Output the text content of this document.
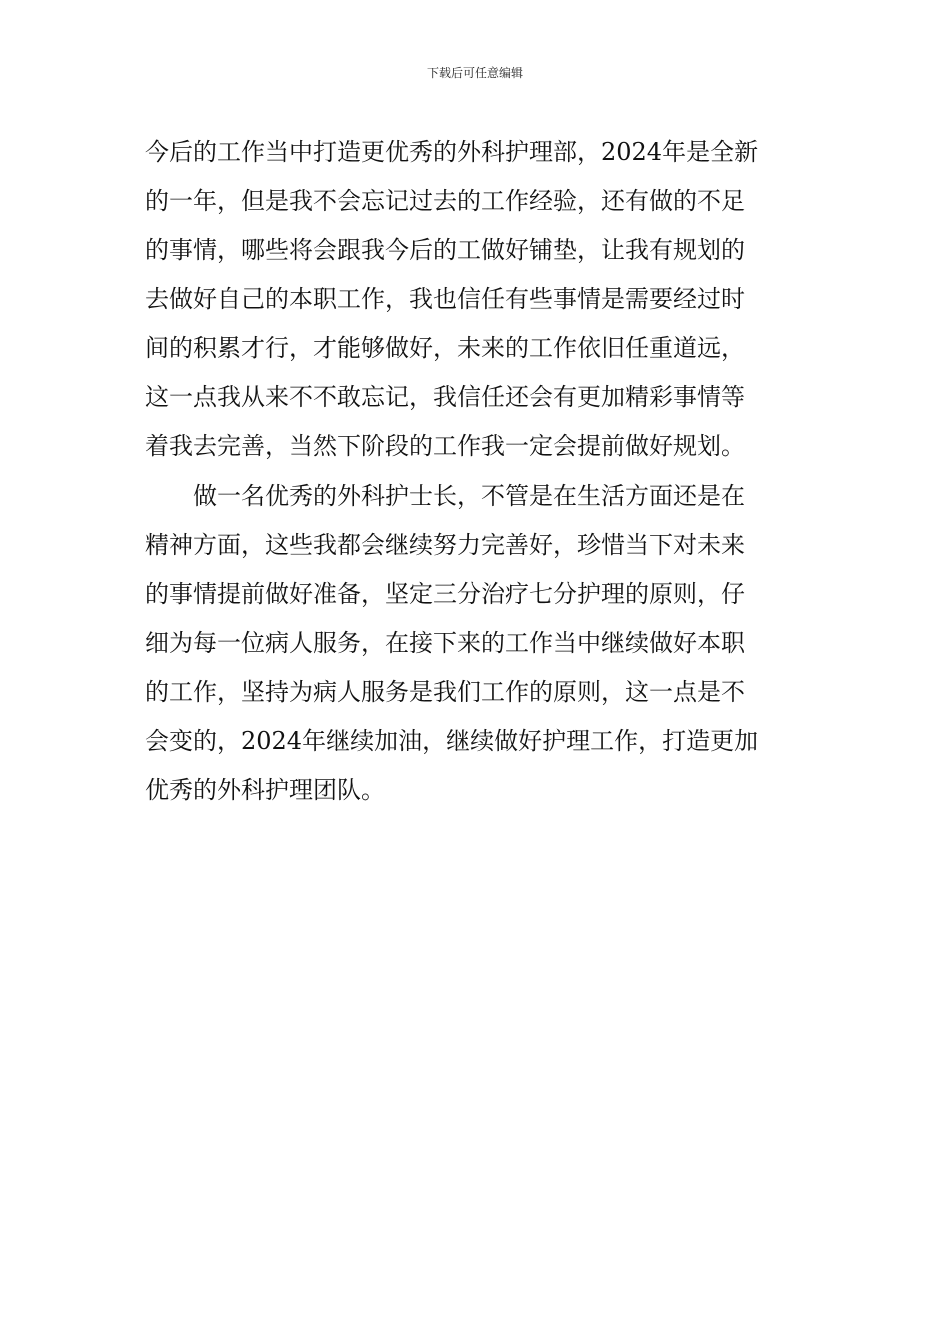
下载后可任意编辑
今后的工作当中打造更优秀的外科护理部，2024年是全新
的一年，但是我不会忘记过去的工作经验，还有做的不足
的事情，哪些将会跟我今后的工做好铺垫，让我有规划的
去做好自己的本职工作，我也信任有些事情是需要经过时
间的积累才行，才能够做好，未来的工作依旧任重道远，
这一点我从来不不敢忘记，我信任还会有更加精彩事情等
着我去完善，当然下阶段的工作我一定会提前做好规划。
　　做一名优秀的外科护士长，不管是在生活方面还是在
精神方面，这些我都会继续努力完善好，珍惜当下对未来
的事情提前做好准备，坚定三分治疗七分护理的原则，仔
细为每一位病人服务，在接下来的工作当中继续做好本职
的工作，坚持为病人服务是我们工作的原则，这一点是不
会变的，2024年继续加油，继续做好护理工作，打造更加
优秀的外科护理团队。
